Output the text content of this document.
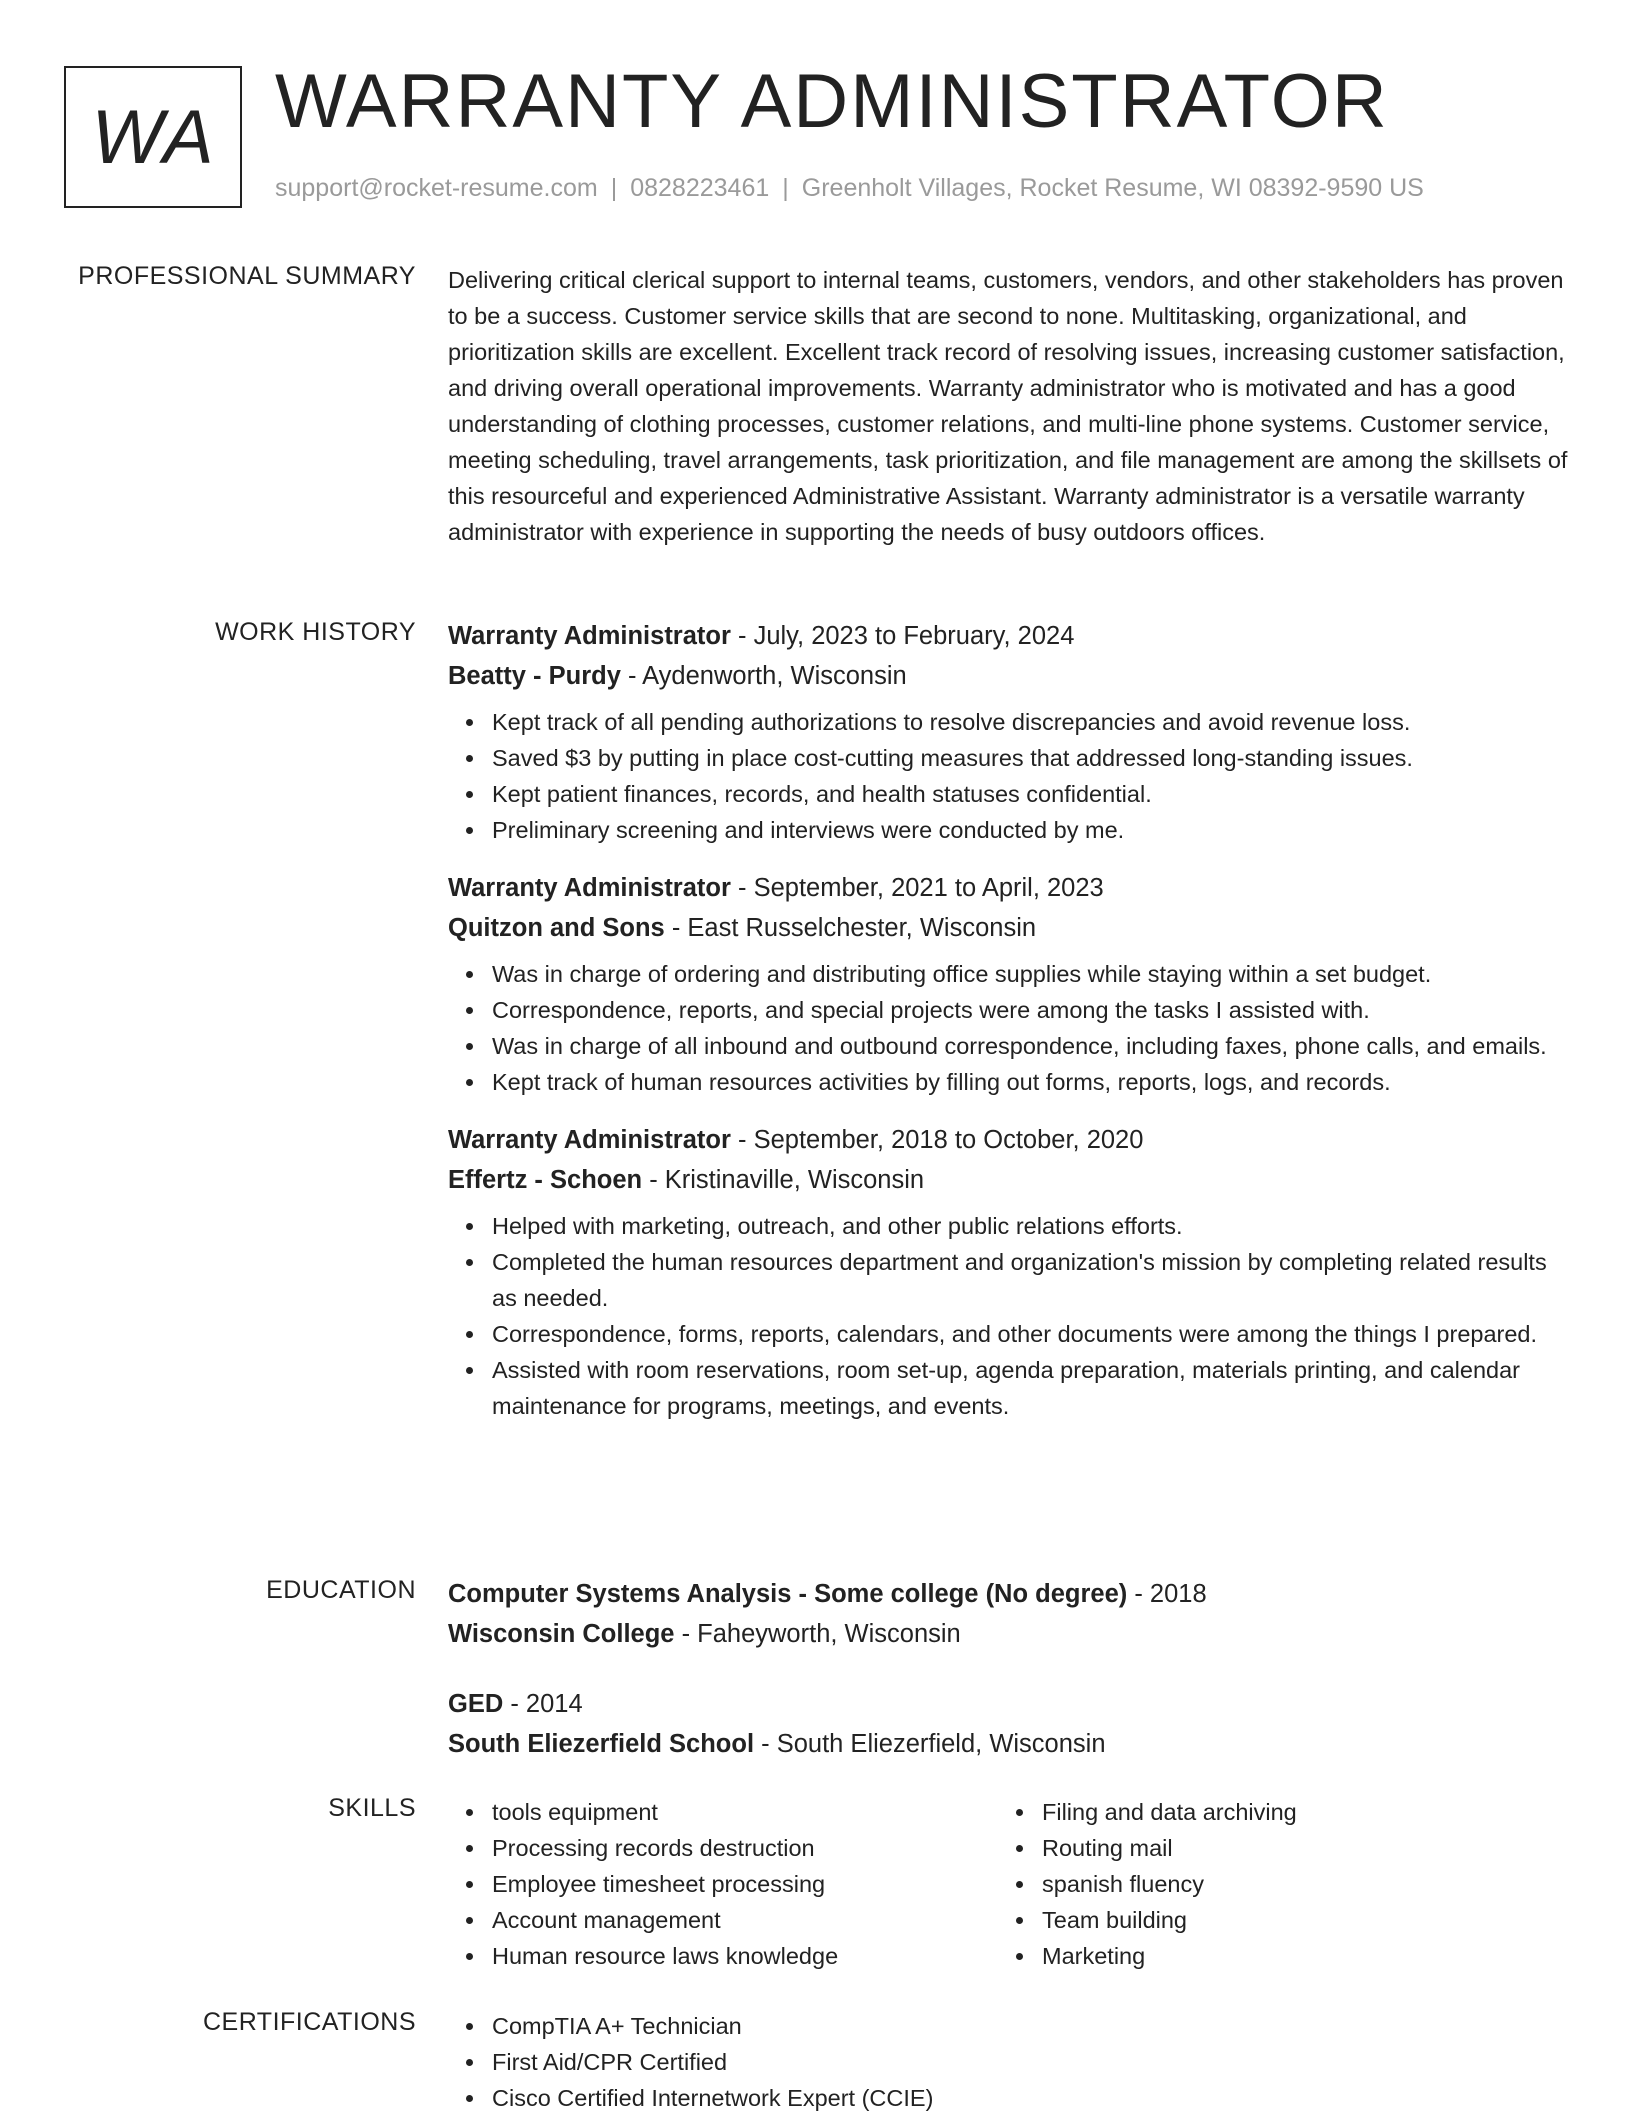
WA WARRANTY ADMINISTRATOR
support@rocket-resume.com | 0828223461 | Greenholt Villages, Rocket Resume, WI 08392-9590 US
PROFESSIONAL SUMMARY Delivering critical clerical support to internal teams, customers, vendors, and other stakeholders has proven to be a success. Customer service skills that are second to none. Multitasking, organizational, and prioritization skills are excellent. Excellent track record of resolving issues, increasing customer satisfaction, and driving overall operational improvements. Warranty administrator who is motivated and has a good understanding of clothing processes, customer relations, and multi-line phone systems. Customer service, meeting scheduling, travel arrangements, task prioritization, and file management are among the skillsets of this resourceful and experienced Administrative Assistant. Warranty administrator is a versatile warranty administrator with experience in supporting the needs of busy outdoors offices.
WORK HISTORY Warranty Administrator - July, 2023 to February, 2024
Beatty - Purdy - Aydenworth, Wisconsin
Kept track of all pending authorizations to resolve discrepancies and avoid revenue loss.
Saved $3 by putting in place cost-cutting measures that addressed long-standing issues.
Kept patient finances, records, and health statuses confidential.
Preliminary screening and interviews were conducted by me.
Warranty Administrator - September, 2021 to April, 2023
Quitzon and Sons - East Russelchester, Wisconsin
Was in charge of ordering and distributing office supplies while staying within a set budget.
Correspondence, reports, and special projects were among the tasks I assisted with.
Was in charge of all inbound and outbound correspondence, including faxes, phone calls, and emails.
Kept track of human resources activities by filling out forms, reports, logs, and records.
Warranty Administrator - September, 2018 to October, 2020
Effertz - Schoen - Kristinaville, Wisconsin
Helped with marketing, outreach, and other public relations efforts.
Completed the human resources department and organization's mission by completing related results as needed.
Correspondence, forms, reports, calendars, and other documents were among the things I prepared.
Assisted with room reservations, room set-up, agenda preparation, materials printing, and calendar maintenance for programs, meetings, and events.
EDUCATION Computer Systems Analysis - Some college (No degree) - 2018
Wisconsin College - Faheyworth, Wisconsin
GED - 2014
South Eliezerfield School - South Eliezerfield, Wisconsin
SKILLS	tools equipment
Processing records destruction
Employee timesheet processing
Account management
Human resource laws knowledge
Filing and data archiving
Routing mail
spanish fluency
Team building
Marketing
CERTIFICATIONS	CompTIA A+ Technician
First Aid/CPR Certified
Cisco Certified Internetwork Expert (CCIE)
